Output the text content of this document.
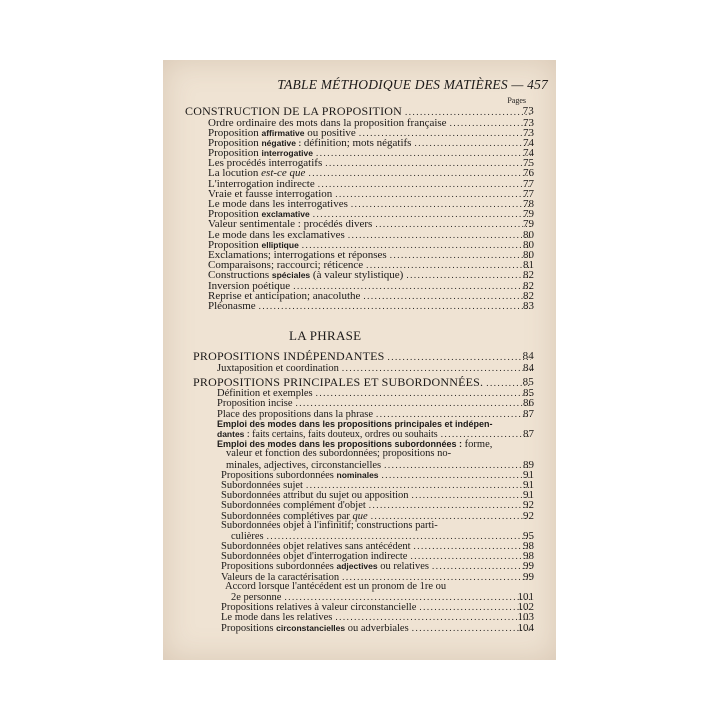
TABLE MÉTHODIQUE DES MATIÈRES — 457
Pages
CONSTRUCTION DE LA PROPOSITION .....	73
Ordre ordinaire des mots dans la proposition française .....	73
Proposition affirmative ou positive .....	73
Proposition négative : définition; mots négatifs .....	74
Proposition interrogative .....	74
Les procédés interrogatifs .....	75
La locution est-ce que .....	76
L'interrogation indirecte .....	77
Vraie et fausse interrogation .....	77
Le mode dans les interrogatives .....	78
Proposition exclamative .....	79
Valeur sentimentale : procédés divers .....	79
Le mode dans les exclamatives .....	80
Proposition elliptique .....	80
Exclamations; interrogations et réponses .....	80
Comparaisons; raccourci; réticence .....	81
Constructions spéciales (à valeur stylistique) .....	82
Inversion poétique .....	82
Reprise et anticipation; anacoluthe .....	82
Pléonasme .....	83
LA PHRASE
PROPOSITIONS INDÉPENDANTES .....	84
Juxtaposition et coordination .....	84
PROPOSITIONS PRINCIPALES ET SUBORDONNÉES. .....	85
Définition et exemples .....	85
Proposition incise .....	86
Place des propositions dans la phrase .....	87
Emploi des modes dans les propositions principales et indépen-
dantes : faits certains, faits douteux, ordres ou souhaits .....	87
Emploi des modes dans les propositions subordonnées : forme,
valeur et fonction des subordonnées; propositions no-
minales, adjectives, circonstancielles .....	89
Propositions subordonnées nominales .....	91
Subordonnées sujet .....	91
Subordonnées attribut du sujet ou apposition .....	91
Subordonnées complément d'objet .....	92
Subordonnées complétives par que .....	92
Subordonnées objet à l'infinitif; constructions parti-
culières .....	95
Subordonnées objet relatives sans antécédent .....	98
Subordonnées objet d'interrogation indirecte .....	98
Propositions subordonnées adjectives ou relatives .....	99
Valeurs de la caractérisation .....	99
Accord lorsque l'antécédent est un pronom de 1re ou
2e personne .....	101
Propositions relatives à valeur circonstancielle .....	102
Le mode dans les relatives .....	103
Propositions circonstancielles ou adverbiales .....	104
